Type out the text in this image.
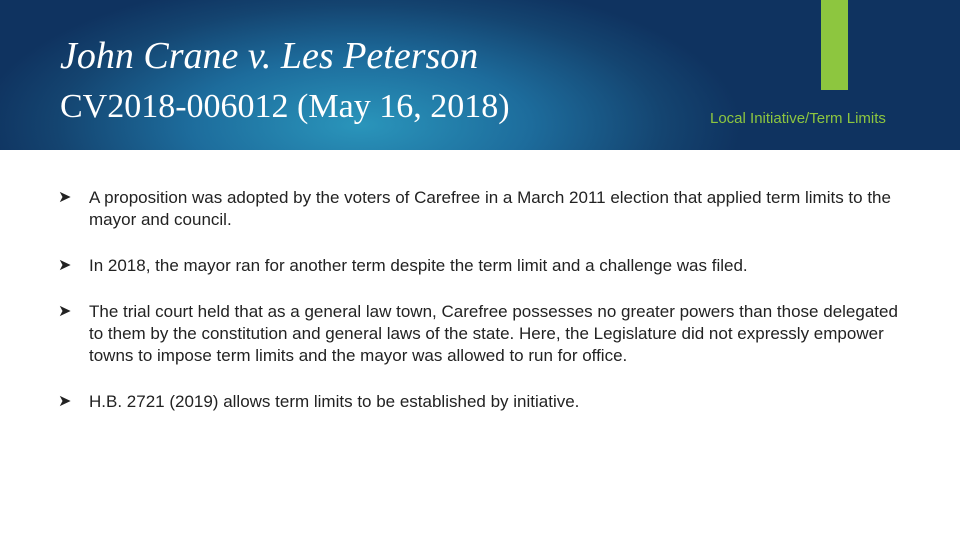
John Crane v. Les Peterson
CV2018-006012 (May 16, 2018)	Local Initiative/Term Limits
➤	A proposition was adopted by the voters of Carefree in a March 2011 election that applied term limits to the mayor and council.
➤	In 2018, the mayor ran for another term despite the term limit and a challenge was filed.
➤	The trial court held that as a general law town, Carefree possesses no greater powers than those delegated to them by the constitution and general laws of the state. Here, the Legislature did not expressly empower towns to impose term limits and the mayor was allowed to run for office.
➤	H.B. 2721 (2019) allows term limits to be established by initiative.
